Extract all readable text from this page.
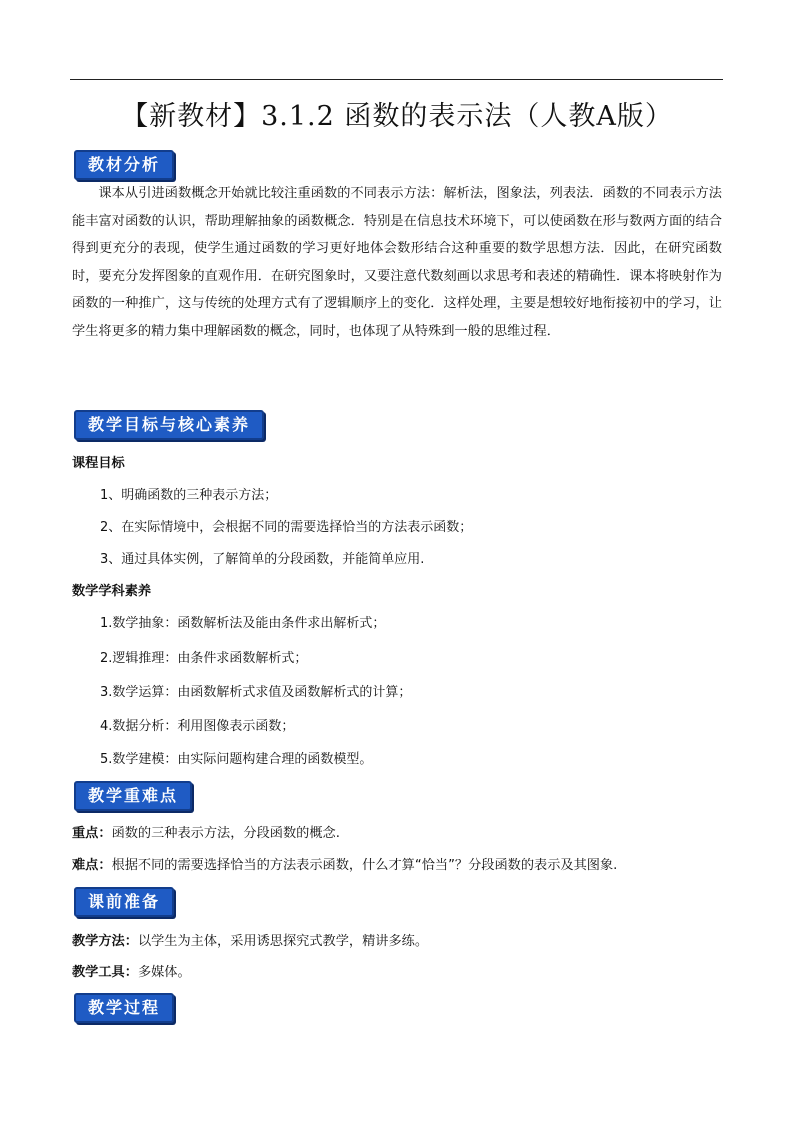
【新教材】3.1.2 函数的表示法（人教A版）
教材分析

课本从引进函数概念开始就比较注重函数的不同表示方法：解析法，图象法，列表法．函数的不同表示方法能丰富对函数的认识，帮助理解抽象的函数概念．特别是在信息技术环境下，可以使函数在形与数两方面的结合得到更充分的表现，使学生通过函数的学习更好地体会数形结合这种重要的数学思想方法．因此，在研究函数时，要充分发挥图象的直观作用．在研究图象时，又要注意代数刻画以求思考和表述的精确性．课本将映射作为函数的一种推广，这与传统的处理方式有了逻辑顺序上的变化．这样处理，主要是想较好地衔接初中的学习，让学生将更多的精力集中理解函数的概念，同时，也体现了从特殊到一般的思维过程．

教学目标与核心素养
课程目标
1、明确函数的三种表示方法；
2、在实际情境中，会根据不同的需要选择恰当的方法表示函数；
3、通过具体实例，了解简单的分段函数，并能简单应用.
数学学科素养
1.数学抽象：函数解析法及能由条件求出解析式；
2.逻辑推理：由条件求函数解析式；
3.数学运算：由函数解析式求值及函数解析式的计算；
4.数据分析：利用图像表示函数；
5.数学建模：由实际问题构建合理的函数模型。
教学重难点
重点：函数的三种表示方法，分段函数的概念.
难点：根据不同的需要选择恰当的方法表示函数，什么才算“恰当”？分段函数的表示及其图象.
课前准备
教学方法：以学生为主体，采用诱思探究式教学，精讲多练。
教学工具：多媒体。
教学过程
